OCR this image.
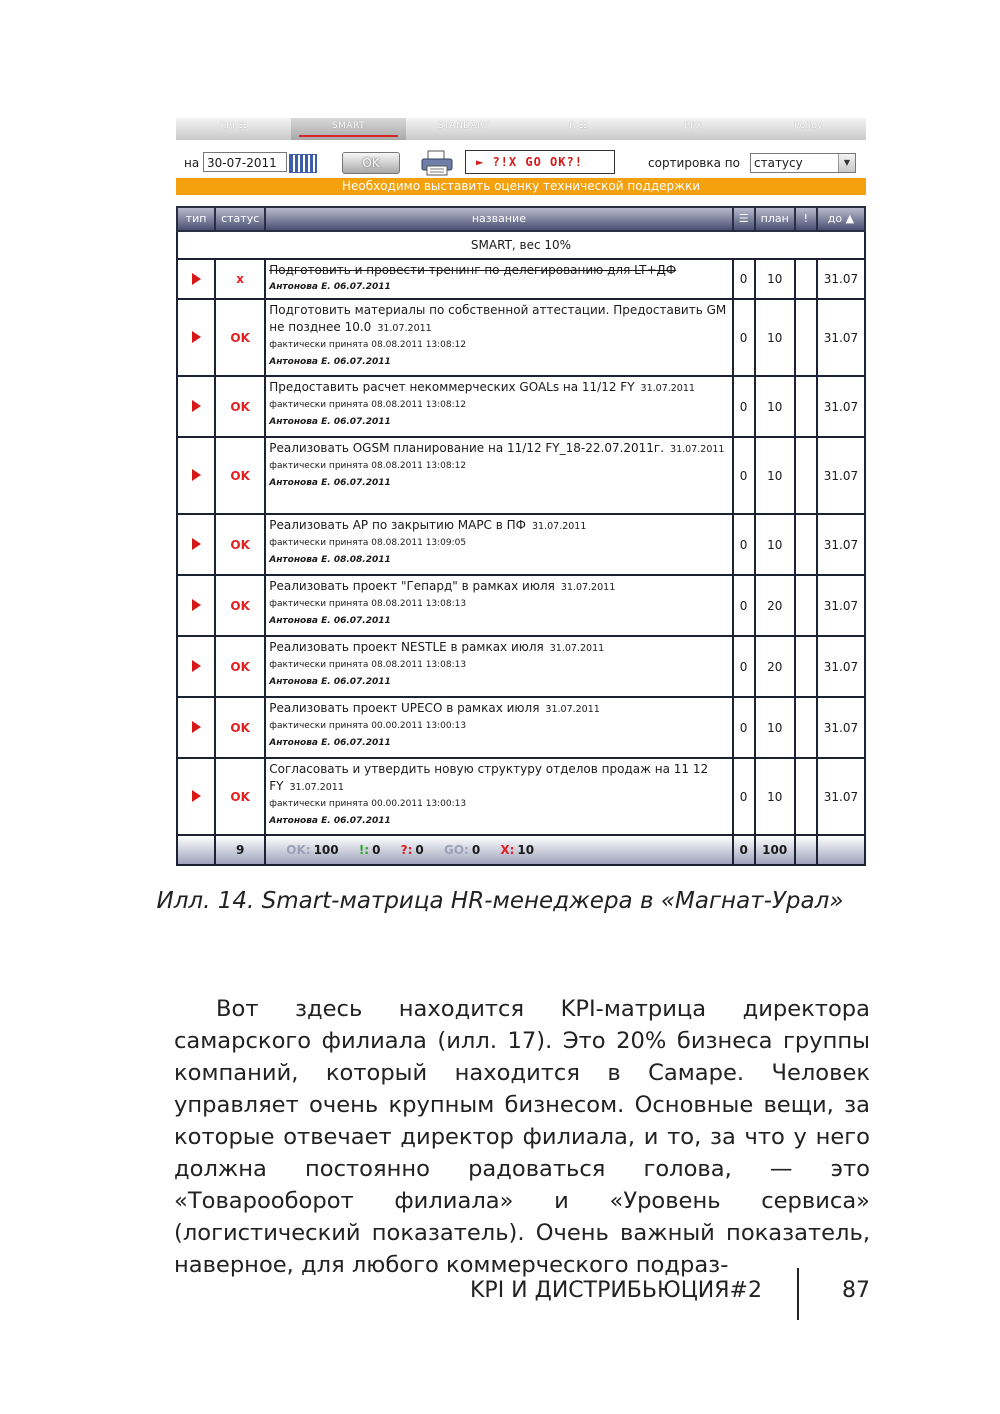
KPI ☷	SMART	STANDART	R ☷	PFX	Policy
на 30-07-2011	OK	► ?!X GO OK?!	сортировка по	статусу	▼
Необходимо выставить оценку технической поддержки
тип	статус	название	☰	план	!	до ▲
SMART, вес 10%						
	x	Подготовить и провести тренинг по делегированию для LT+ДФ
Антонова Е. 06.07.2011	0	10		31.07
	OK	Подготовить материалы по собственной аттестации. Предоставить GM не позднее 10.0 31.07.2011
фактически принята 08.08.2011 13:08:12
Антонова Е. 06.07.2011	0	10		31.07
	OK	Предоставить расчет некоммерческих GOALs на 11/12 FY 31.07.2011
фактически принята 08.08.2011 13:08:12
Антонова Е. 06.07.2011	0	10		31.07
	OK	Реализовать OGSM планирование на 11/12 FY_18-22.07.2011г. 31.07.2011
фактически принята 08.08.2011 13:08:12
Антонова Е. 06.07.2011	0	10		31.07
	OK	Реализовать АР по закрытию МАРС в ПФ 31.07.2011
фактически принята 08.08.2011 13:09:05
Антонова Е. 08.08.2011	0	10		31.07
	OK	Реализовать проект "Гепард" в рамках июля 31.07.2011
фактически принята 08.08.2011 13:08:13
Антонова Е. 06.07.2011	0	20		31.07
	OK	Реализовать проект NESTLE в рамках июля 31.07.2011
фактически принята 08.08.2011 13:08:13
Антонова Е. 06.07.2011	0	20		31.07
	OK	Реализовать проект UPECO в рамках июля 31.07.2011
фактически принята 00.00.2011 13:00:13
Антонова Е. 06.07.2011	0	10		31.07
	OK	Согласовать и утвердить новую структуру отделов продаж на 11 12 FY 31.07.2011
фактически принята 00.00.2011 13:00:13
Антонова Е. 06.07.2011	0	10		31.07
	9	OK: 100 !: 0 ?: 0 GO: 0 X: 10	0	100		
Илл. 14. Smart-матрица HR-менеджера в «Магнат-Урал»
Вот здесь находится KPI-матрица директора самарского филиала (илл. 17). Это 20% бизнеса группы компаний, который находится в Самаре. Человек управляет очень крупным бизнесом. Основные вещи, за которые отвечает директор филиала, и то, за что у него должна постоянно радоваться голова, — это «Товарооборот филиала» и «Уровень сервиса» (логистический показатель). Очень важный показатель, наверное, для любого коммерческого подраз-
KPI И ДИСТРИБЬЮЦИЯ#2	87
